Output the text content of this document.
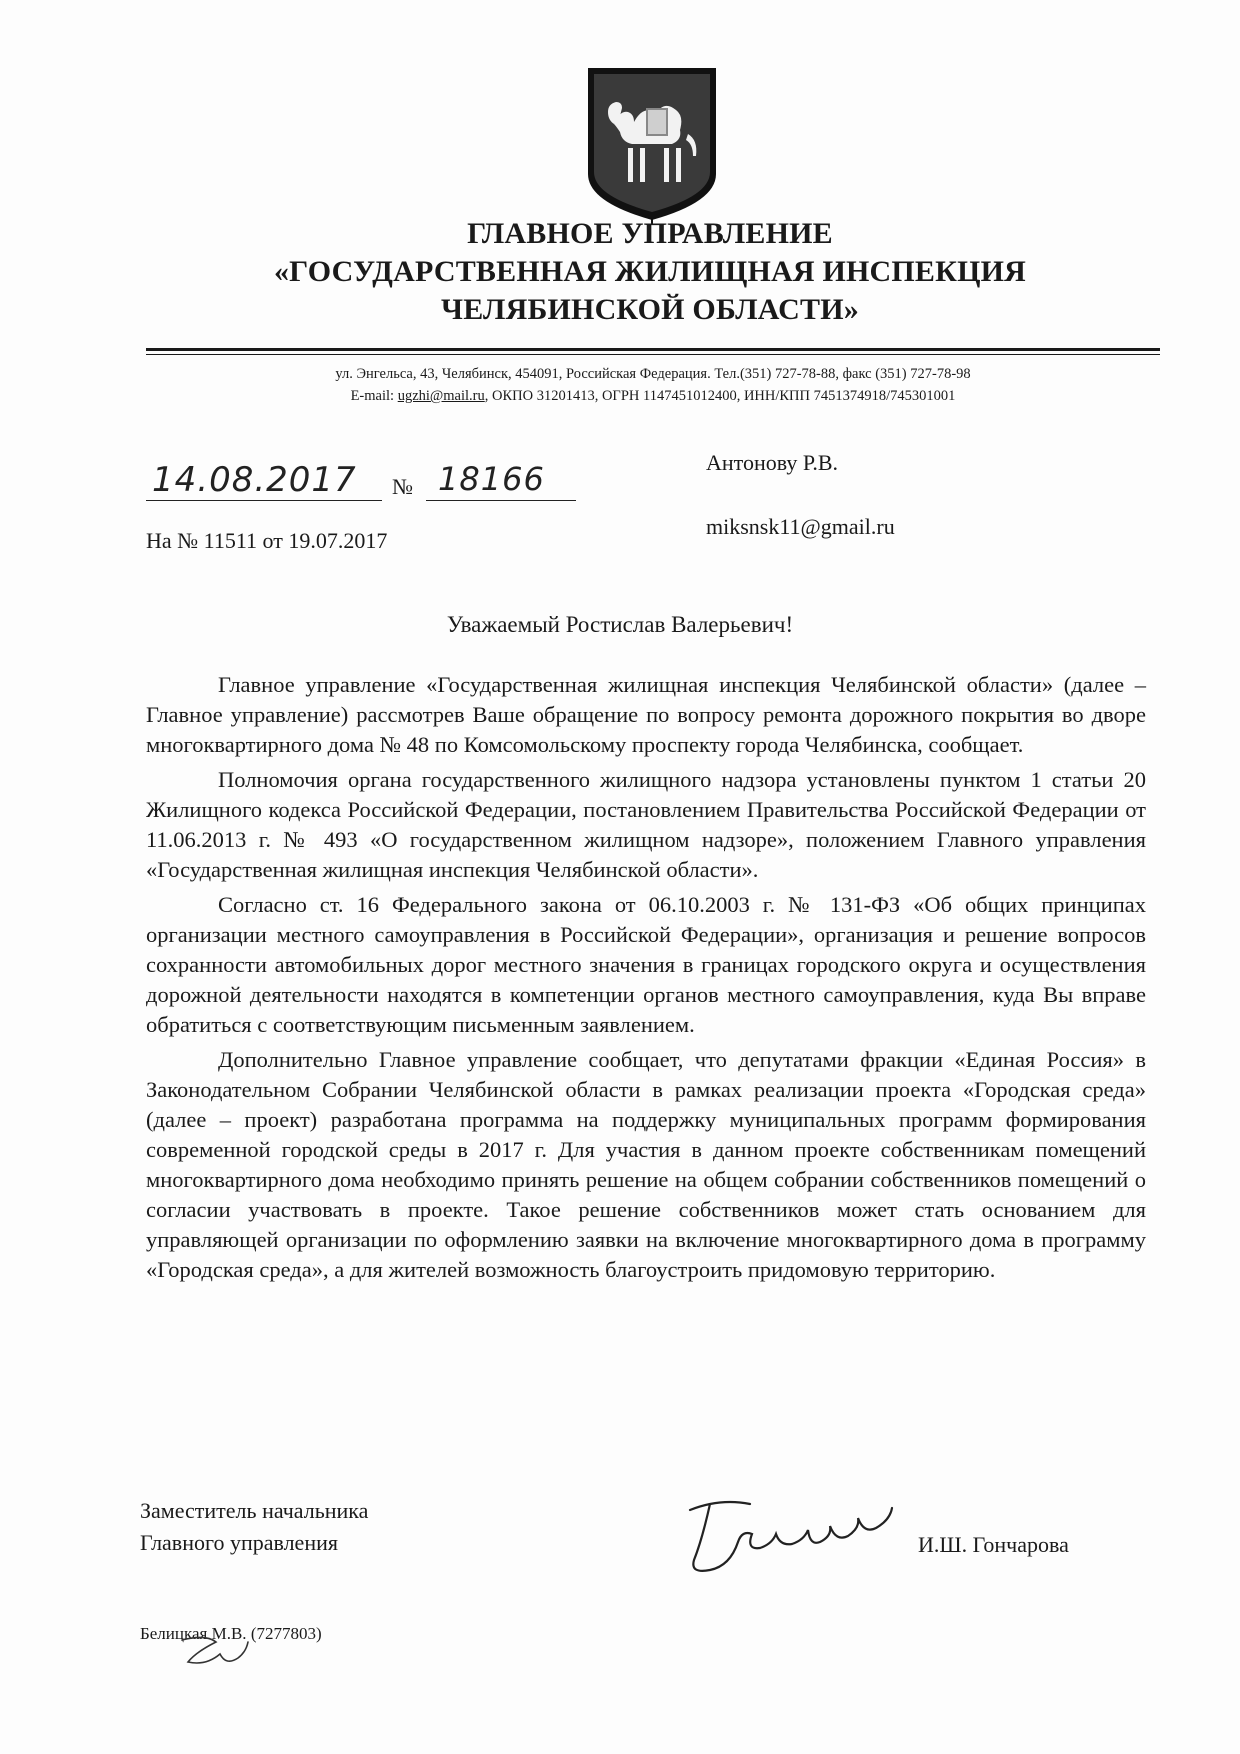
ГЛАВНОЕ УПРАВЛЕНИЕ
«ГОСУДАРСТВЕННАЯ ЖИЛИЩНАЯ ИНСПЕКЦИЯ
ЧЕЛЯБИНСКОЙ ОБЛАСТИ»
ул. Энгельса, 43, Челябинск, 454091, Российская Федерация. Тел.(351) 727-78-88, факс (351) 727-78-98
E-mail: ugzhi@mail.ru, ОКПО 31201413, ОГРН 1147451012400, ИНН/КПП 7451374918/745301001
14.08.2017 № 18166
На № 11511 от 19.07.2017
Антонову Р.В.
miksnsk11@gmail.ru
Уважаемый Ростислав Валерьевич!

Главное управление «Государственная жилищная инспекция Челябинской области» (далее – Главное управление) рассмотрев Ваше обращение по вопросу ремонта дорожного покрытия во дворе многоквартирного дома № 48 по Комсомольскому проспекту города Челябинска, сообщает.

Полномочия органа государственного жилищного надзора установлены пунктом 1 статьи 20 Жилищного кодекса Российской Федерации, постановлением Правительства Российской Федерации от 11.06.2013 г. № 493 «О государственном жилищном надзоре», положением Главного управления «Государственная жилищная инспекция Челябинской области».

Согласно ст. 16 Федерального закона от 06.10.2003 г. № 131-ФЗ «Об общих принципах организации местного самоуправления в Российской Федерации», организация и решение вопросов сохранности автомобильных дорог местного значения в границах городского округа и осуществления дорожной деятельности находятся в компетенции органов местного самоуправления, куда Вы вправе обратиться с соответствующим письменным заявлением.

Дополнительно Главное управление сообщает, что депутатами фракции «Единая Россия» в Законодательном Собрании Челябинской области в рамках реализации проекта «Городская среда» (далее – проект) разработана программа на поддержку муниципальных программ формирования современной городской среды в 2017 г. Для участия в данном проекте собственникам помещений многоквартирного дома необходимо принять решение на общем собрании собственников помещений о согласии участвовать в проекте. Такое решение собственников может стать основанием для управляющей организации по оформлению заявки на включение многоквартирного дома в программу «Городская среда», а для жителей возможность благоустроить придомовую территорию.

Заместитель начальника
Главного управления	И.Ш. Гончарова
Белицкая М.В. (7277803)
